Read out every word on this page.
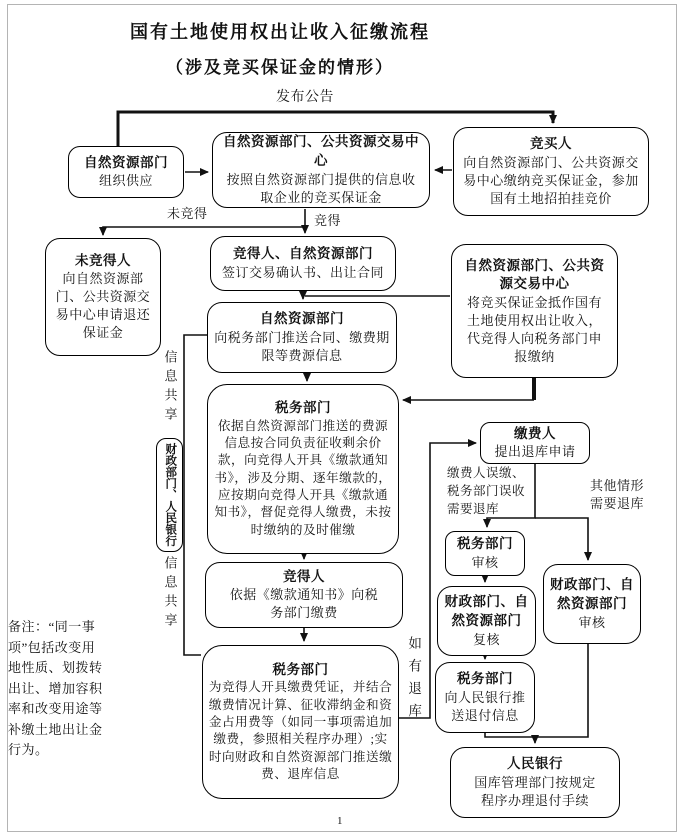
国有土地使用权出让收入征缴流程
（涉及竞买保证金的情形）
发布公告
未竞得	竞得
信息共享
信息共享
如有退库
缴费人误缴、税务部门误收需要退库
其他情形需要退库
备注：“同一事项”包括改变用地性质、划拨转出让、增加容积率和改变用途等补缴土地出让金行为。
1
自然资源部门
组织供应
自然资源部门、公共资源交易中心
按照自然资源部门提供的信息收取企业的竞买保证金
竞买人
向自然资源部门、公共资源交易中心缴纳竞买保证金，参加国有土地招拍挂竞价
未竞得人
向自然资源部门、公共资源交易中心申请退还保证金
竞得人、自然资源部门
签订交易确认书、出让合同
自然资源部门
向税务部门推送合同、缴费期限等费源信息
自然资源部门、公共资源交易中心
将竞买保证金抵作国有土地使用权出让收入，代竞得人向税务部门申报缴纳
税务部门
依据自然资源部门推送的费源信息按合同负责征收剩余价款，向竞得人开具《缴款通知书》，涉及分期、逐年缴款的，应按期向竞得人开具《缴款通知书》，督促竞得人缴费，未按时缴纳的及时催缴
财政部门、人民银行
竞得人
依据《缴款通知书》向税务部门缴费
税务部门
为竞得人开具缴费凭证，并结合缴费情况计算、征收滞纳金和资金占用费等（如同一事项需追加缴费，参照相关程序办理）;实时向财政和自然资源部门推送缴费、退库信息
缴费人
提出退库申请
税务部门
审核
财政部门、自然资源部门
复核
财政部门、自然资源部门
审核
税务部门
向人民银行推送退付信息
人民银行
国库管理部门按规定程序办理退付手续
